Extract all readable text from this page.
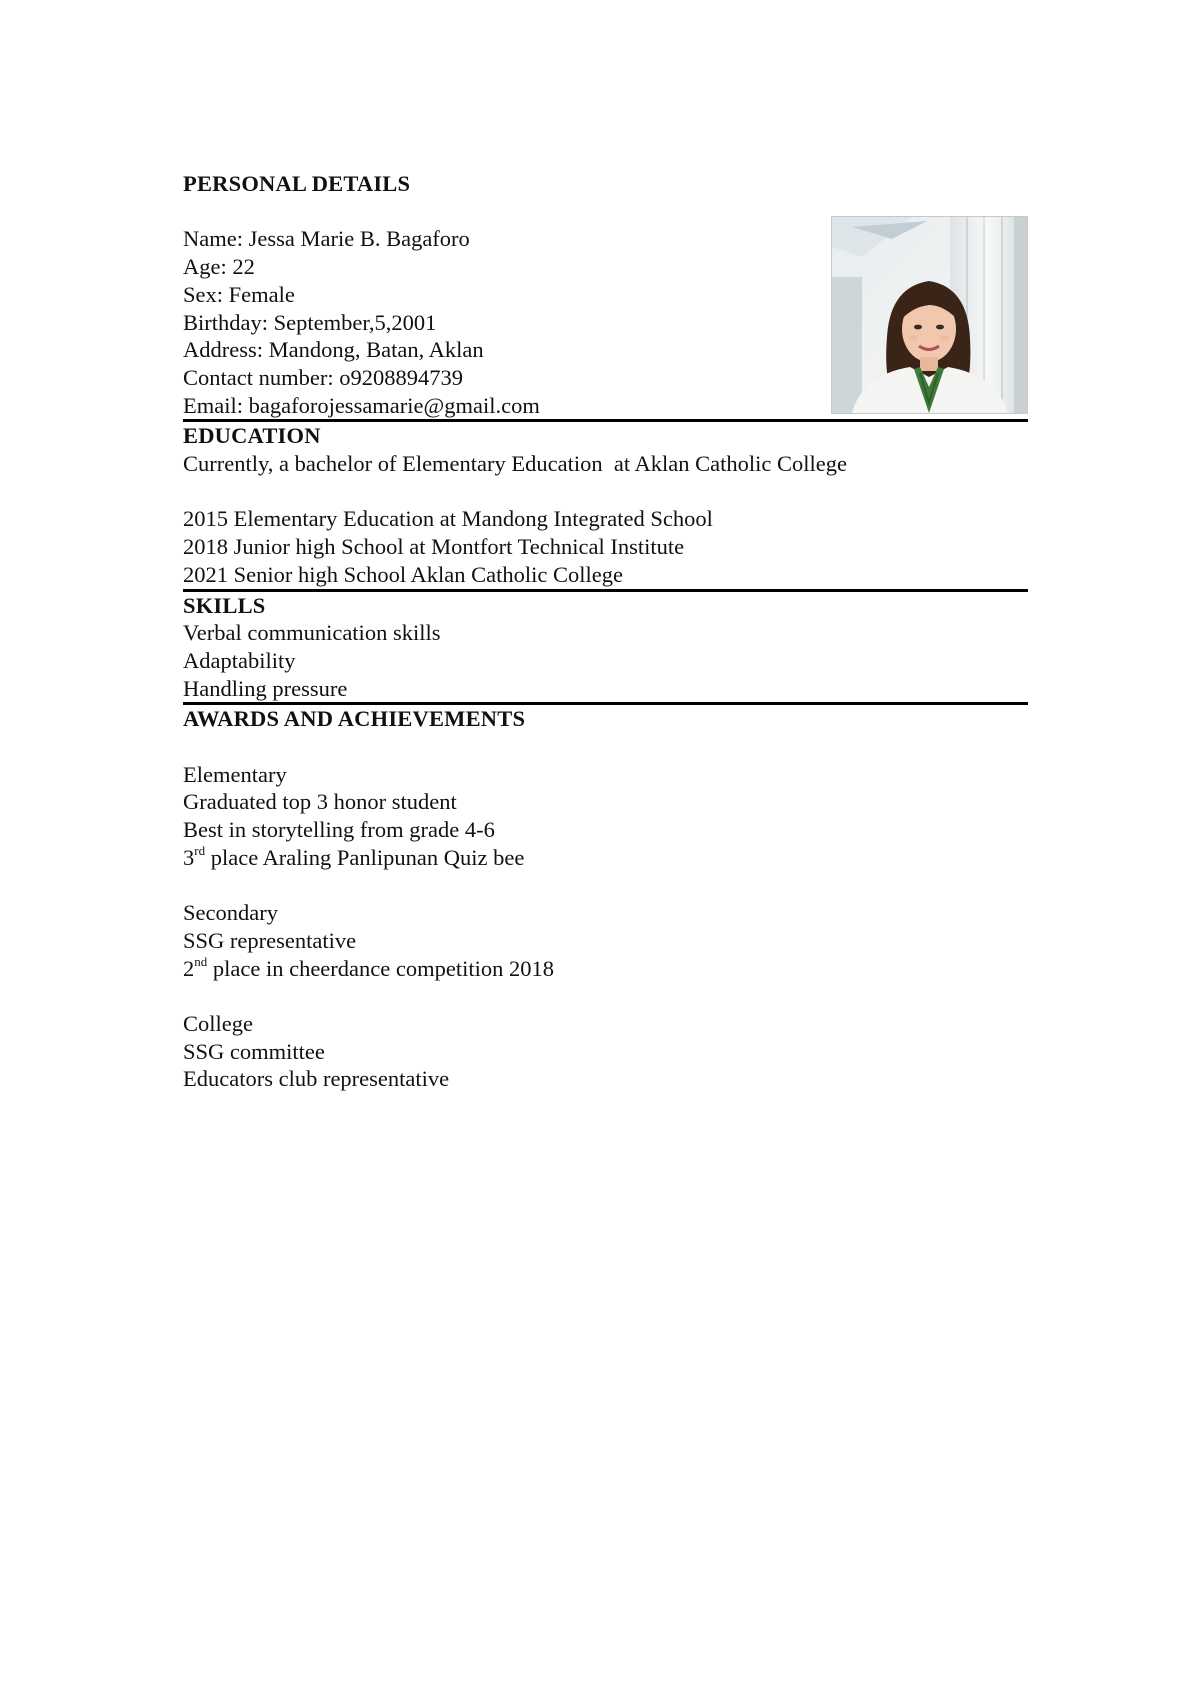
PERSONAL DETAILS
Name: Jessa Marie B. Bagaforo
Age: 22
Sex: Female
Birthday: September,5,2001
Address: Mandong, Batan, Aklan
Contact number: o9208894739
Email: bagaforojessamarie@gmail.com
EDUCATION
Currently, a bachelor of Elementary Education  at Aklan Catholic College
2015 Elementary Education at Mandong Integrated School
2018 Junior high School at Montfort Technical Institute
2021 Senior high School Aklan Catholic College
SKILLS
Verbal communication skills
Adaptability
Handling pressure
AWARDS AND ACHIEVEMENTS
Elementary
Graduated top 3 honor student
Best in storytelling from grade 4-6
3rd place Araling Panlipunan Quiz bee
Secondary
SSG representative
2nd place in cheerdance competition 2018
College
SSG committee
Educators club representative
